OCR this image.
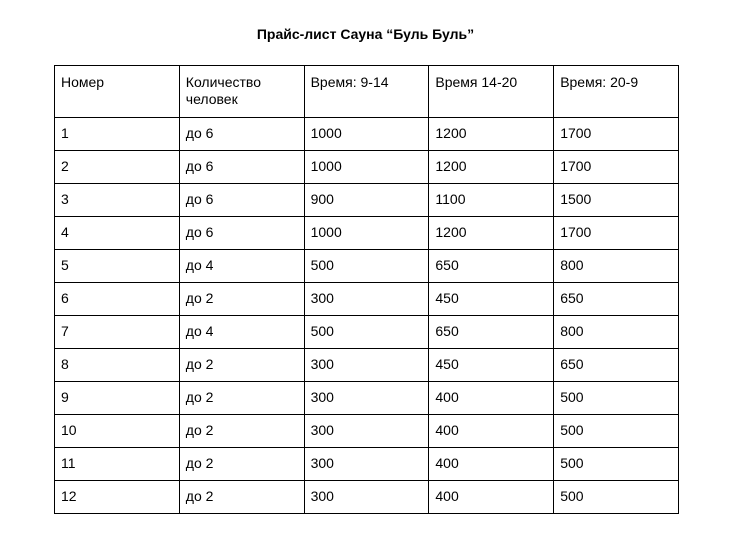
Прайс-лист Сауна “Буль Буль”
Номер	Количество человек	Время: 9-14	Время 14-20	Время: 20-9
1	до 6	1000	1200	1700
2	до 6	1000	1200	1700
3	до 6	900	1100	1500
4	до 6	1000	1200	1700
5	до 4	500	650	800
6	до 2	300	450	650
7	до 4	500	650	800
8	до 2	300	450	650
9	до 2	300	400	500
10	до 2	300	400	500
11	до 2	300	400	500
12	до 2	300	400	500
